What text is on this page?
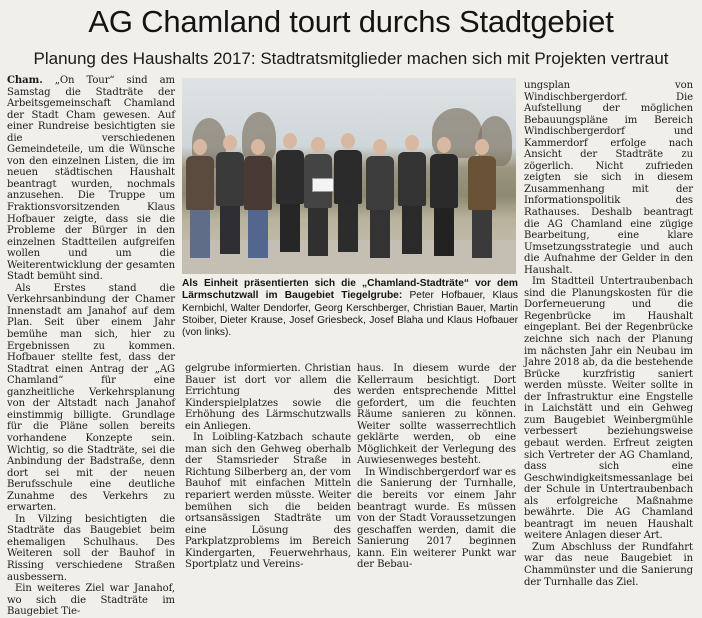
AG Chamland tourt durchs Stadtgebiet
Planung des Haushalts 2017: Stadtratsmitglieder machen sich mit Projekten vertraut

Cham. „On Tour“ sind am Samstag die Stadträte der Arbeitsgemeinschaft Chamland der Stadt Cham gewesen. Auf einer Rundreise besichtigten sie die verschiedenen Gemeindeteile, um die Wünsche von den einzelnen Listen, die im neuen städtischen Haushalt beantragt wurden, nochmals anzusehen. Die Truppe um Fraktionsvorsitzenden Klaus Hofbauer zeigte, dass sie die Probleme der Bürger in den einzelnen Stadtteilen aufgreifen wollen und um die Weiterentwicklung der gesamten Stadt bemüht sind.

Als Erstes stand die Verkehrsanbindung der Chamer Innenstadt am Janahof auf dem Plan. Seit über einem Jahr bemühe man sich, hier zu Ergebnissen zu kommen. Hofbauer stellte fest, dass der Stadtrat einen Antrag der „AG Chamland“ für eine ganzheitliche Verkehrsplanung von der Altstadt nach Janahof einstimmig billigte. Grundlage für die Pläne sollen bereits vorhandene Konzepte sein. Wichtig, so die Stadträte, sei die Anbindung der Badstraße, denn dort sei mit der neuen Berufsschule eine deutliche Zunahme des Verkehrs zu erwarten.

In Vilzing besichtigten die Stadträte das Baugebiet beim ehemaligen Schulhaus. Des Weiteren soll der Bauhof in Rissing verschiedene Straßen ausbessern.

Ein weiteres Ziel war Janahof, wo sich die Stadträte im Baugebiet Tie-

Als Einheit präsentierten sich die „Chamland-Stadträte“ vor dem Lärmschutzwall im Baugebiet Tiegelgrube: Peter Hofbauer, Klaus Kernbichl, Walter Dendorfer, Georg Kerschberger, Christian Bauer, Martin Stoiber, Dieter Krause, Josef Griesbeck, Josef Blaha und Klaus Hofbauer (von links).

gelgrube informierten. Christian Bauer ist dort vor allem die Errichtung des Kinderspielplatzes sowie die Erhöhung des Lärmschutzwalls ein Anliegen.

In Loibling-Katzbach schaute man sich den Gehweg oberhalb der Stamsrieder Straße in Richtung Silberberg an, der vom Bauhof mit einfachen Mitteln repariert werden müsste. Weiter bemühen sich die beiden ortsansässigen Stadträte um eine Lösung des Parkplatzproblems im Bereich Kindergarten, Feuerwehrhaus, Sportplatz und Vereins-

haus. In diesem wurde der Kellerraum besichtigt. Dort werden entsprechende Mittel gefordert, um die feuchten Räume sanieren zu können. Weiter sollte wasserrechtlich geklärte werden, ob eine Möglichkeit der Verlegung des Auwiesenweges besteht.

In Windischbergerdorf war es die Sanierung der Turnhalle, die bereits vor einem Jahr beantragt wurde. Es müssen von der Stadt Voraussetzungen geschaffen werden, damit die Sanierung 2017 beginnen kann. Ein weiterer Punkt war der Bebau-

ungsplan von Windischbergerdorf. Die Aufstellung der möglichen Bebauungspläne im Bereich Windischbergerdorf und Kammerdorf erfolge nach Ansicht der Stadträte zu zögerlich. Nicht zufrieden zeigten sie sich in diesem Zusammenhang mit der Informationspolitik des Rathauses. Deshalb beantragt die AG Chamland eine zügige Bearbeitung, eine klare Umsetzungsstrategie und auch die Aufnahme der Gelder in den Haushalt.

Im Stadtteil Untertraubenbach sind die Planungskosten für die Dorferneuerung und die Regenbrücke im Haushalt eingeplant. Bei der Regenbrücke zeichne sich nach der Planung im nächsten Jahr ein Neubau im Jahre 2018 ab, da die bestehende Brücke kurzfristig saniert werden müsste. Weiter sollte in der Infrastruktur eine Engstelle in Laichstätt und ein Gehweg zum Baugebiet Weinbergmühle verbessert beziehungsweise gebaut werden. Erfreut zeigten sich Vertreter der AG Chamland, dass sich eine Geschwindigkeitsmessanlage bei der Schule in Untertraubenbach als erfolgreiche Maßnahme bewährte. Die AG Chamland beantragt im neuen Haushalt weitere Anlagen dieser Art.

Zum Abschluss der Rundfahrt war das neue Baugebiet in Chammünster und die Sanierung der Turnhalle das Ziel.
